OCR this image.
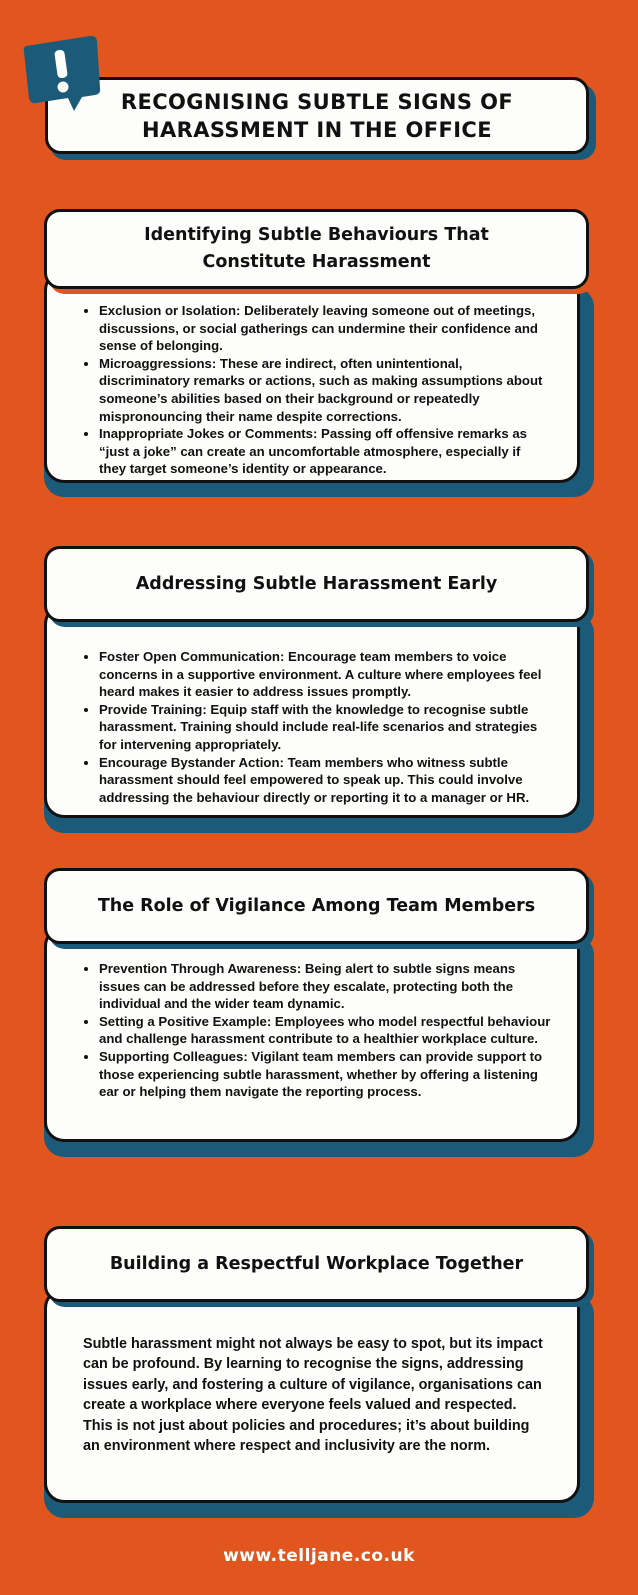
RECOGNISING SUBTLE SIGNS OF
HARASSMENT IN THE OFFICE
• Exclusion or Isolation: Deliberately leaving someone out of meetings, discussions, or social gatherings can undermine their confidence and sense of belonging.
• Microaggressions: These are indirect, often unintentional, discriminatory remarks or actions, such as making assumptions about someone’s abilities based on their background or repeatedly mispronouncing their name despite corrections.
• Inappropriate Jokes or Comments: Passing off offensive remarks as “just a joke” can create an uncomfortable atmosphere, especially if they target someone’s identity or appearance.
Identifying Subtle Behaviours That
Constitute Harassment
• Foster Open Communication: Encourage team members to voice concerns in a supportive environment. A culture where employees feel heard makes it easier to address issues promptly.
• Provide Training: Equip staff with the knowledge to recognise subtle harassment. Training should include real-life scenarios and strategies for intervening appropriately.
• Encourage Bystander Action: Team members who witness subtle harassment should feel empowered to speak up. This could involve addressing the behaviour directly or reporting it to a manager or HR.
Addressing Subtle Harassment Early
• Prevention Through Awareness: Being alert to subtle signs means issues can be addressed before they escalate, protecting both the individual and the wider team dynamic.
• Setting a Positive Example: Employees who model respectful behaviour and challenge harassment contribute to a healthier workplace culture.
• Supporting Colleagues: Vigilant team members can provide support to those experiencing subtle harassment, whether by offering a listening ear or helping them navigate the reporting process.
The Role of Vigilance Among Team Members

Subtle harassment might not always be easy to spot, but its impact can be profound. By learning to recognise the signs, addressing issues early, and fostering a culture of vigilance, organisations can create a workplace where everyone feels valued and respected. This is not just about policies and procedures; it’s about building an environment where respect and inclusivity are the norm.

Building a Respectful Workplace Together
www.telljane.co.uk
